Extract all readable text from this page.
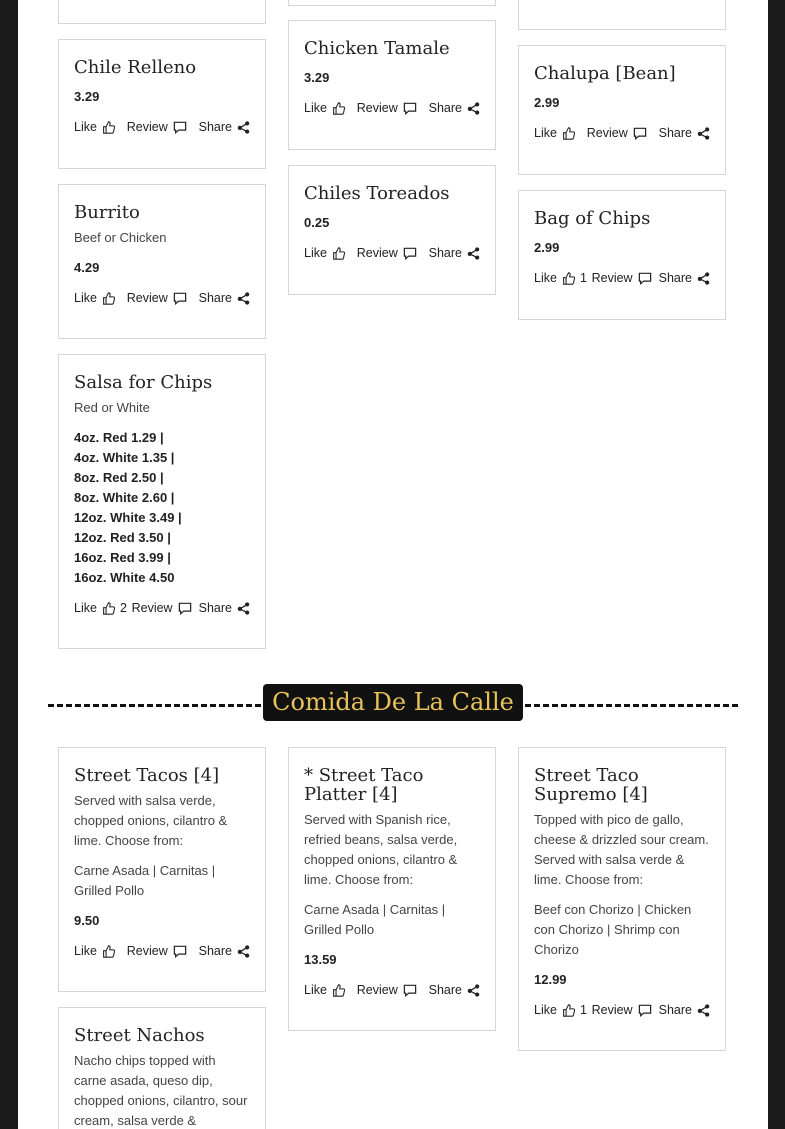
Chile Relleno
3.29
Like Review Share
Burrito
Beef or Chicken
4.29
Like Review Share
Salsa for Chips
Red or White
4oz. Red 1.29 |
4oz. White 1.35 |
8oz. Red 2.50 |
8oz. White 2.60 |
12oz. White 3.49 |
12oz. Red 3.50 |
16oz. Red 3.99 |
16oz. White 4.50
Like 2 Review Share
Chicken Tamale
3.29
Like Review Share
Chiles Toreados
0.25
Like Review Share
Chalupa [Bean]
2.99
Like Review Share
Bag of Chips
2.99
Like 1 Review Share
Comida De La Calle
Street Tacos [4]
Served with salsa verde, chopped onions, cilantro & lime. Choose from:
Carne Asada | Carnitas | Grilled Pollo
9.50
Like Review Share
* Street Taco Platter [4]
Served with Spanish rice, refried beans, salsa verde, chopped onions, cilantro & lime. Choose from:
Carne Asada | Carnitas | Grilled Pollo
13.59
Like Review Share
Street Taco Supremo [4]
Topped with pico de gallo, cheese & drizzled sour cream. Served with salsa verde & lime. Choose from:
Beef con Chorizo | Chicken con Chorizo | Shrimp con Chorizo
12.99
Like 1 Review Share
Street Nachos
Nacho chips topped with carne asada, queso dip, chopped onions, cilantro, sour cream, salsa verde &
